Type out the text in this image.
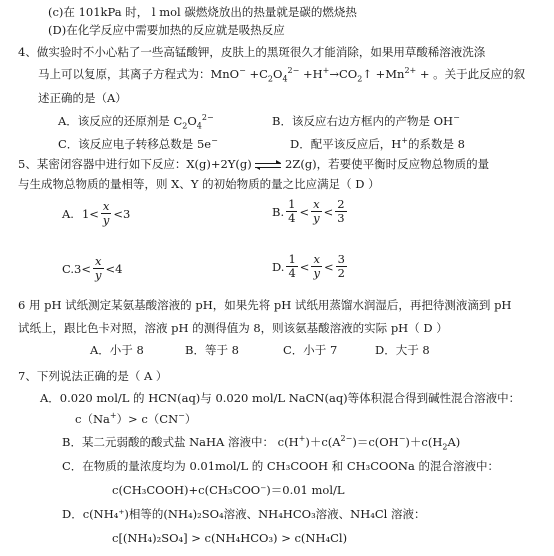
(c)在 101kPa 时， l mol 碳燃烧放出的热量就是碳的燃烧热
(D)在化学反应中需要加热的反应就是吸热反应
4、做实验时不小心粘了一些高锰酸钾，皮肤上的黑斑很久才能消除，如果用草酸稀溶液洗涤
马上可以复原，其离子方程式为：$MnO^- +C_2O_4^{2-}$ $+H^+\to CO_2↑ +Mn^{2+}$ + 。关于此反应的叙
述正确的是（A）
A．该反应的还原剂是 $C_2O_4^{2-}$	B．该反应右边方框内的产物是 OH−
C．该反应电子转移总数是 5e−	D．配平该反应后，H+的系数是 8
5、某密闭容器中进行如下反应：X(g)+2Y(g)	2Z(g)，若要使平衡时反应物总物质的量
与生成物总物质的量相等，则 X、Y 的初始物质的量之比应满足（ D ）
A. $1< \frac{x}{y} <3$	B. $\frac{1}{4} < \frac{x}{y} < \frac{2}{3}$
$C.3< \frac{x}{y} <4$	D. $\frac{1}{4} < \frac{x}{y} < \frac{3}{2}$
6 用 pH 试纸测定某氨基酸溶液的 pH，如果先将 pH 试纸用蒸馏水润湿后，再把待测液滴到 pH
试纸上，跟比色卡对照，溶液 pH 的测得值为 8，则该氨基酸溶液的实际 pH（ D ）
A．小于 8	B．等于 8	C．小于 7	D．大于 8
7、下列说法正确的是（ A ）
A．0.020 mol/L 的 HCN(aq)与 0.020 mol/L NaCN(aq)等体积混合得到碱性混合溶液中：
c（Na+）> c（CN−）
B．某二元弱酸的酸式盐 NaHA 溶液中： $c(H^+)+c(A^{2-})=c(OH^-)+c(H_2A)$
C．在物质的量浓度均为 0.01mol/L 的 CH₃COOH 和 CH₃COONa 的混合溶液中：
c(CH₃COOH)+c(CH₃COO⁻)＝0.01 mol/L
D．c(NH₄⁺)相等的(NH₄)₂SO₄溶液、NH₄HCO₃溶液、NH₄Cl 溶液：
c[(NH₄)₂SO₄] > c(NH₄HCO₃) > c(NH₄Cl)
